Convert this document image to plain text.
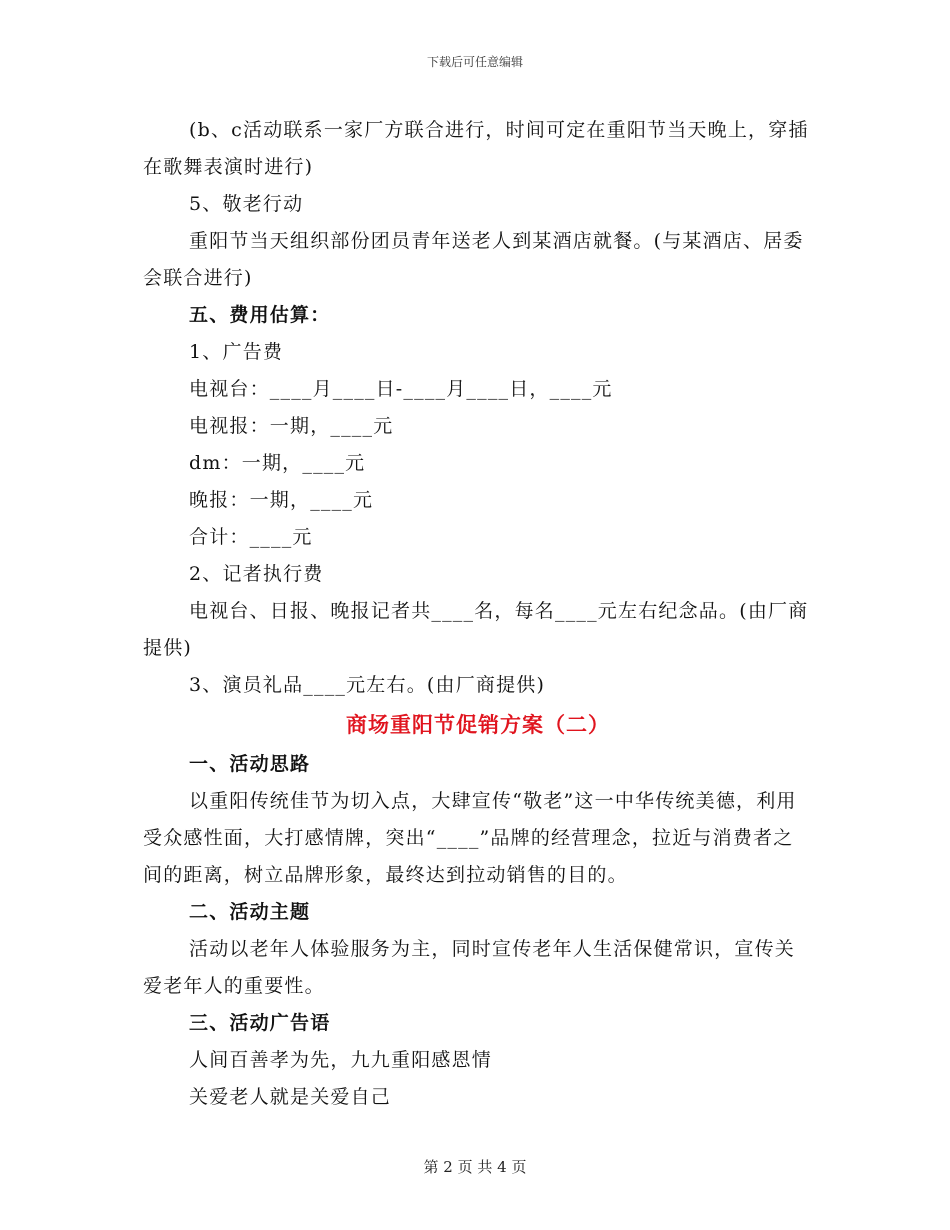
下载后可任意编辑

(b、c活动联系一家厂方联合进行，时间可定在重阳节当天晚上，穿插在歌舞表演时进行)

5、敬老行动

重阳节当天组织部份团员青年送老人到某酒店就餐。(与某酒店、居委会联合进行)

五、费用估算：

1、广告费

电视台：____月____日-____月____日，____元

电视报：一期，____元

dm：一期，____元

晚报：一期，____元

合计：____元

2、记者执行费

电视台、日报、晚报记者共____名，每名____元左右纪念品。(由厂商提供)

3、演员礼品____元左右。(由厂商提供)

商场重阳节促销方案（二）

一、活动思路

以重阳传统佳节为切入点，大肆宣传“敬老”这一中华传统美德，利用受众感性面，大打感情牌，突出“____”品牌的经营理念，拉近与消费者之间的距离，树立品牌形象，最终达到拉动销售的目的。

二、活动主题

活动以老年人体验服务为主，同时宣传老年人生活保健常识，宣传关爱老年人的重要性。

三、活动广告语

人间百善孝为先，九九重阳感恩情

关爱老人就是关爱自己

第 2 页 共 4 页
